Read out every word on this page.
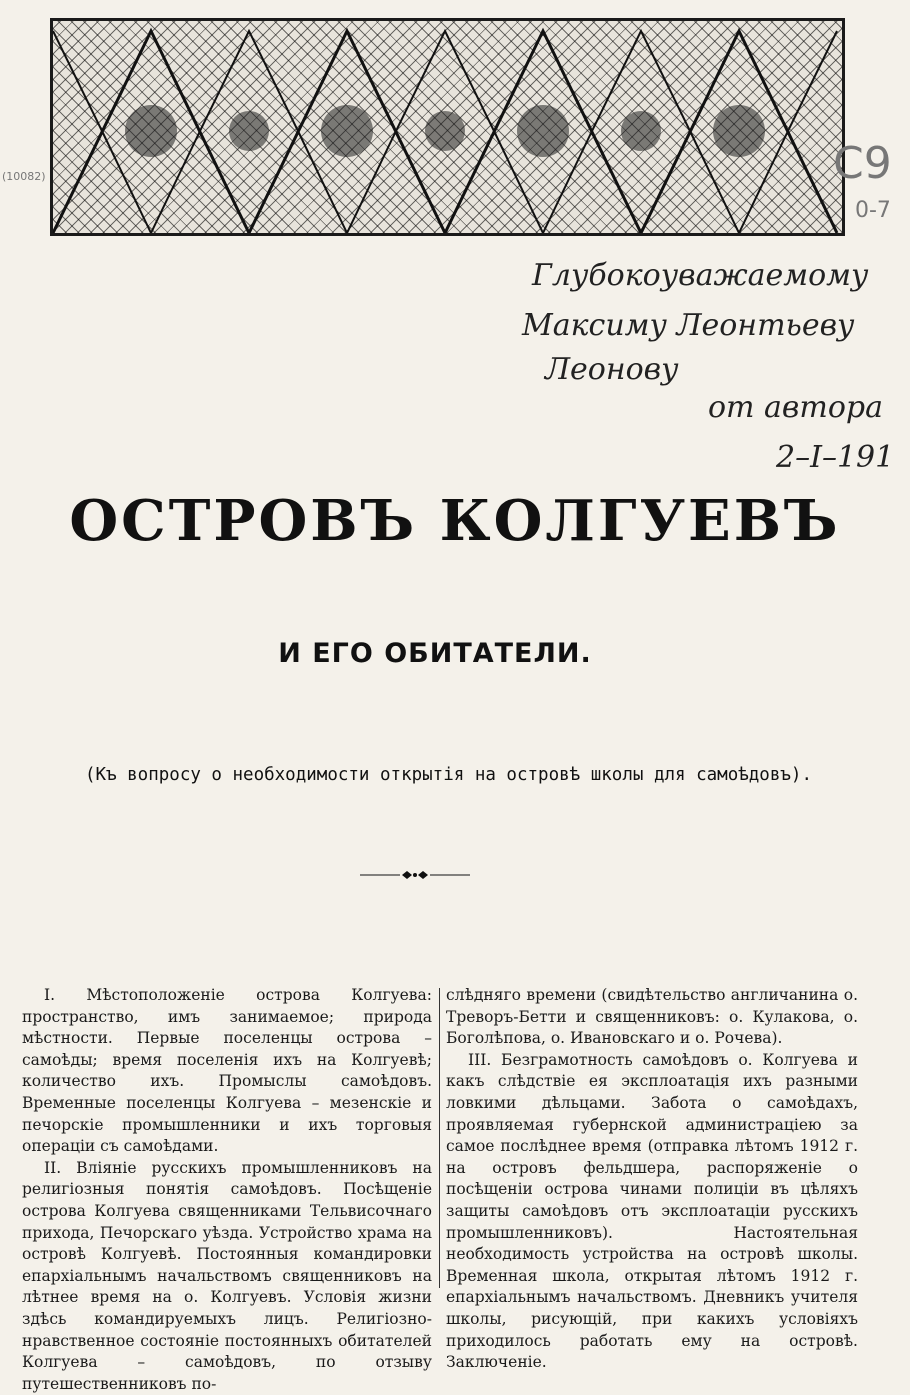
(10082)	С9
0-7
Глубокоуважаемому
Максиму Леонтьеву
Леонову
от автора
2–I–191
ОСТРОВЪ КОЛГУЕВЪ
И ЕГО ОБИТАТЕЛИ.
(Къ вопросу о необходимости открытія на островѣ школы для самоѣдовъ).

I. Мѣстоположеніе острова Колгуева: пространство, имъ занимаемое; природа мѣстности. Первые поселенцы острова – самоѣды; время поселенія ихъ на Колгуевѣ; количество ихъ. Промыслы самоѣдовъ. Временные поселенцы Колгуева – мезенскіе и печорскіе промышленники и ихъ торговыя операціи съ самоѣдами.

II. Вліяніе русскихъ промышленниковъ на религіозныя понятія самоѣдовъ. Посѣщеніе острова Колгуева священниками Тельвисочнаго прихода, Печорскаго уѣзда. Устройство храма на островѣ Колгуевѣ. Постоянныя командировки епархіальнымъ начальствомъ священниковъ на лѣтнее время на о. Колгуевъ. Условія жизни здѣсь командируемыхъ лицъ. Религіозно-нравственное состояніе постоянныхъ обитателей Колгуева – самоѣдовъ, по отзыву путешественниковъ по-

слѣдняго времени (свидѣтельство англичанина о. Треворъ-Бетти и священниковъ: о. Кулакова, о. Боголѣпова, о. Ивановскаго и о. Рочева).

III. Безграмотность самоѣдовъ о. Колгуева и какъ слѣдствіе ея эксплоатація ихъ разными ловкими дѣльцами. Забота о самоѣдахъ, проявляемая губернской администраціею за самое послѣднее время (отправка лѣтомъ 1912 г. на островъ фельдшера, распоряженіе о посѣщеніи острова чинами полиціи въ цѣляхъ защиты самоѣдовъ отъ эксплоатаціи русскихъ промышленниковъ). Настоятельная необходимость устройства на островѣ школы. Временная школа, открытая лѣтомъ 1912 г. епархіальнымъ начальствомъ. Дневникъ учителя школы, рисующій, при какихъ условіяхъ приходилось работать ему на островѣ. Заключеніе.
